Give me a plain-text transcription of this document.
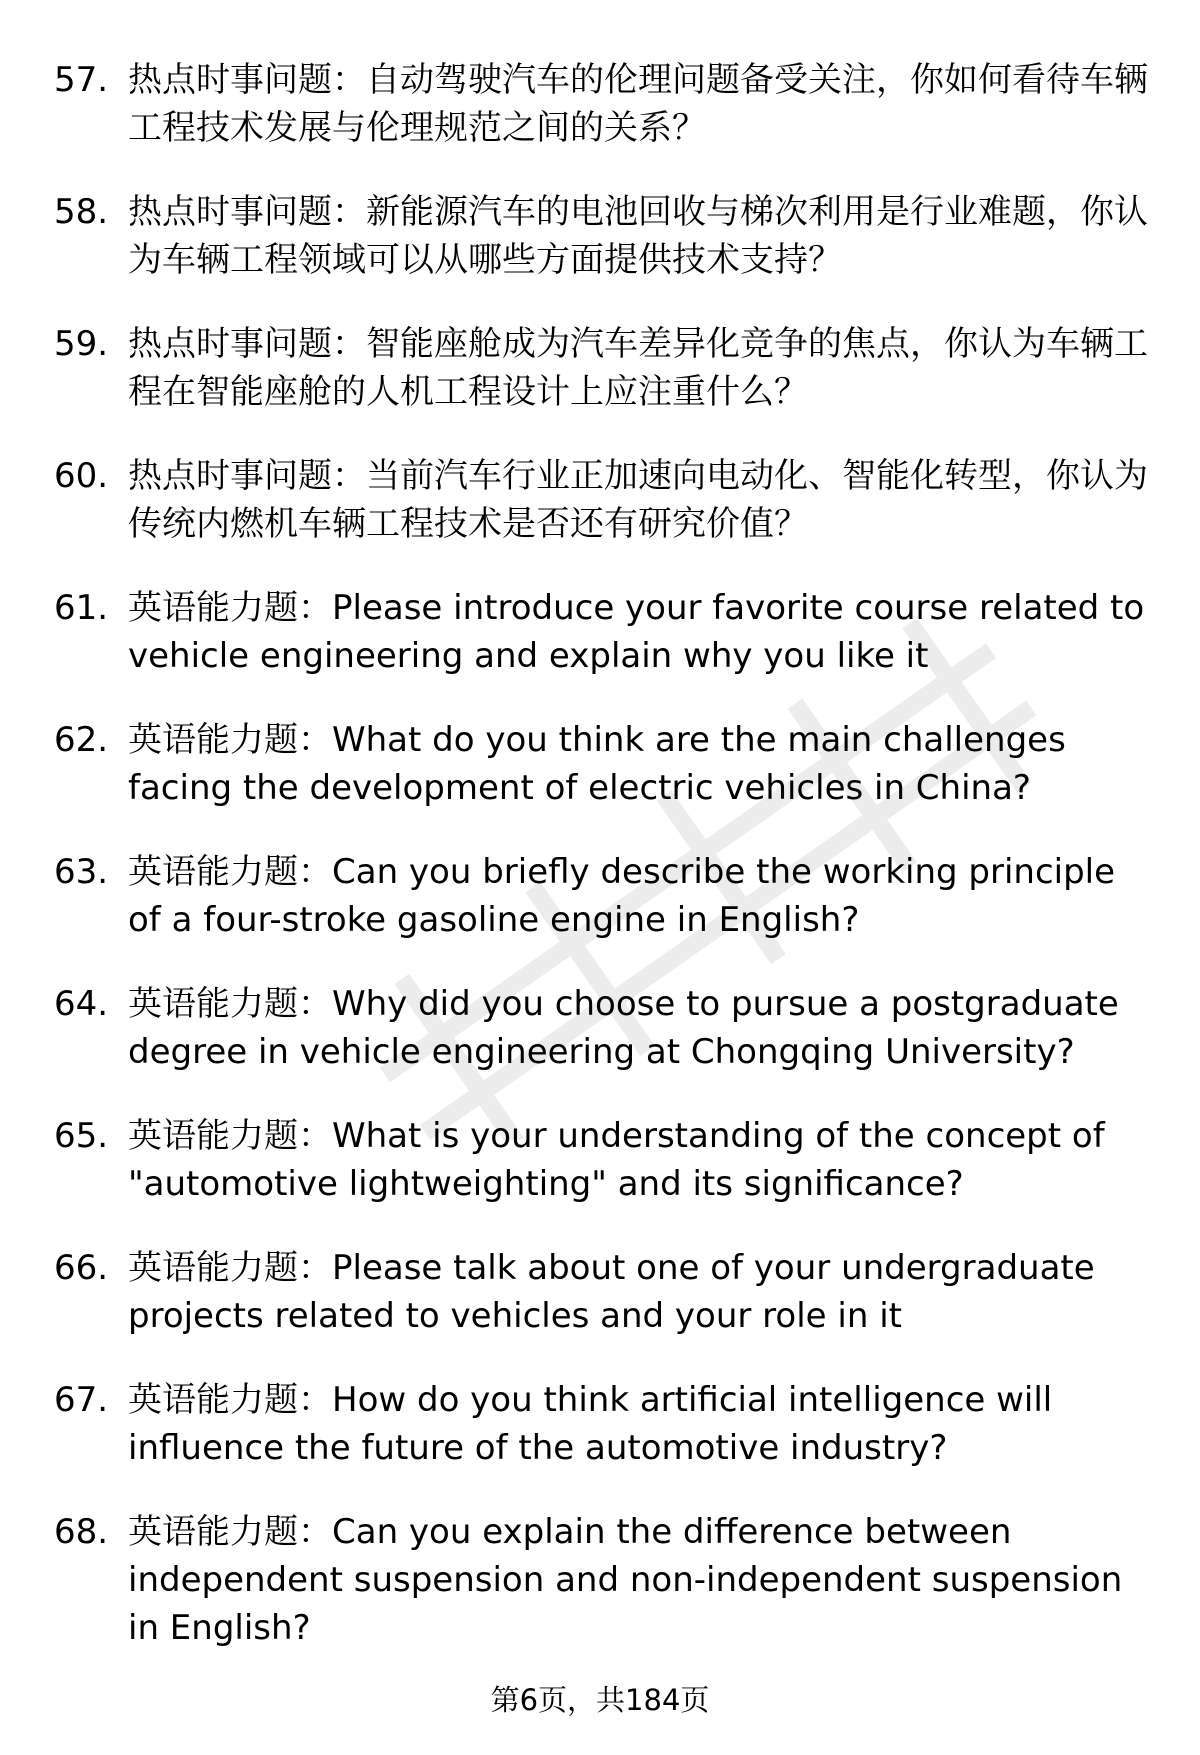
57. 热点时事问题：自动驾驶汽车的伦理问题备受关注，你如何看待车辆工程技术发展与伦理规范之间的关系？
58. 热点时事问题：新能源汽车的电池回收与梯次利用是行业难题，你认为车辆工程领域可以从哪些方面提供技术支持？
59. 热点时事问题：智能座舱成为汽车差异化竞争的焦点，你认为车辆工程在智能座舱的人机工程设计上应注重什么？
60. 热点时事问题：当前汽车行业正加速向电动化、智能化转型，你认为传统内燃机车辆工程技术是否还有研究价值？
61. 英语能力题：Please introduce your favorite course related to vehicle engineering and explain why you like it
62. 英语能力题：What do you think are the main challenges facing the development of electric vehicles in China?
63. 英语能力题：Can you briefly describe the working principle of a four-stroke gasoline engine in English?
64. 英语能力题：Why did you choose to pursue a postgraduate degree in vehicle engineering at Chongqing University?
65. 英语能力题：What is your understanding of the concept of "automotive lightweighting" and its significance?
66. 英语能力题：Please talk about one of your undergraduate projects related to vehicles and your role in it
67. 英语能力题：How do you think artificial intelligence will influence the future of the automotive industry?
68. 英语能力题：Can you explain the difference between independent suspension and non-independent suspension in English?
第6页，共184页
